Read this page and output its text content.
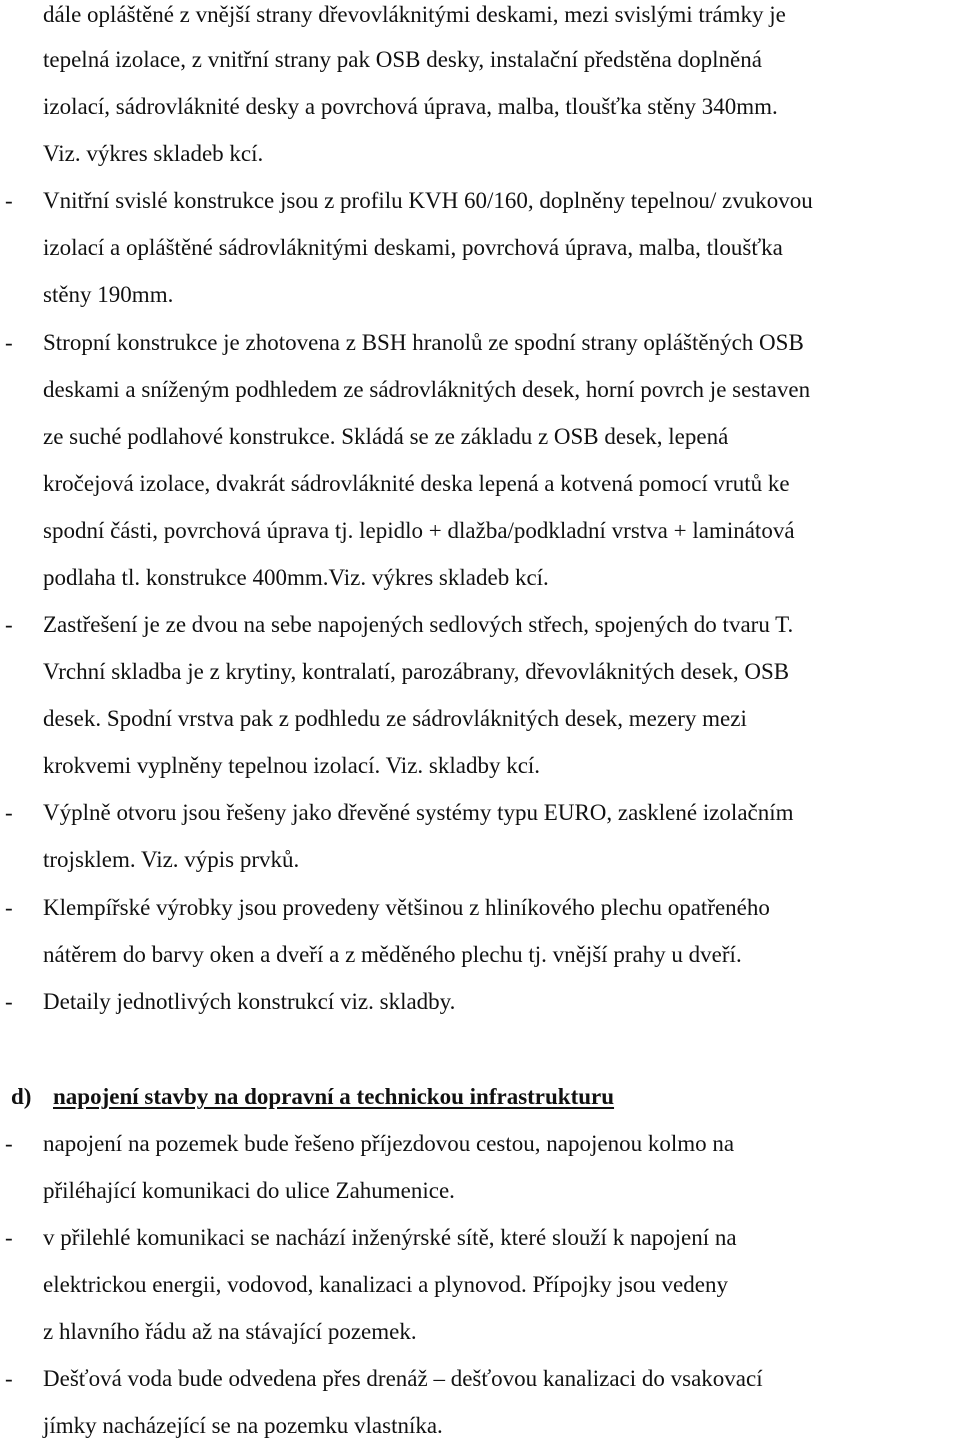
dále opláštěné z vnější strany dřevovláknitými deskami, mezi svislými trámky je
tepelná izolace, z vnitřní strany pak OSB desky, instalační předstěna doplněná
izolací, sádrovláknité desky a povrchová úprava, malba, tloušťka stěny 340mm.
Viz. výkres skladeb kcí.
- Vnitřní svislé konstrukce jsou z profilu KVH 60/160, doplněny tepelnou/ zvukovou
izolací a opláštěné sádrovláknitými deskami, povrchová úprava, malba, tloušťka
stěny 190mm.
- Stropní konstrukce je zhotovena z BSH hranolů ze spodní strany opláštěných OSB
deskami a sníženým podhledem ze sádrovláknitých desek, horní povrch je sestaven
ze suché podlahové konstrukce. Skládá se ze základu z OSB desek, lepená
kročejová izolace, dvakrát sádrovláknité deska lepená a kotvená pomocí vrutů ke
spodní části, povrchová úprava tj. lepidlo + dlažba/podkladní vrstva + laminátová
podlaha tl. konstrukce 400mm.Viz. výkres skladeb kcí.
- Zastřešení je ze dvou na sebe napojených sedlových střech, spojených do tvaru T.
Vrchní skladba je z krytiny, kontralatí, parozábrany, dřevovláknitých desek, OSB
desek. Spodní vrstva pak z podhledu ze sádrovláknitých desek, mezery mezi
krokvemi vyplněny tepelnou izolací. Viz. skladby kcí.
- Výplně otvoru jsou řešeny jako dřevěné systémy typu EURO, zasklené izolačním
trojsklem. Viz. výpis prvků.
- Klempířské výrobky jsou provedeny většinou z hliníkového plechu opatřeného
nátěrem do barvy oken a dveří a z měděného plechu tj. vnější prahy u dveří.
- Detaily jednotlivých konstrukcí viz. skladby.
d) napojení stavby na dopravní a technickou infrastrukturu
- napojení na pozemek bude řešeno příjezdovou cestou, napojenou kolmo na
přiléhající komunikaci do ulice Zahumenice.
- v přilehlé komunikaci se nachází inženýrské sítě, které slouží k napojení na
elektrickou energii, vodovod, kanalizaci a plynovod. Přípojky jsou vedeny
z hlavního řádu až na stávající pozemek.
- Dešťová voda bude odvedena přes drenáž – dešťovou kanalizaci do vsakovací
jímky nacházející se na pozemku vlastníka.
